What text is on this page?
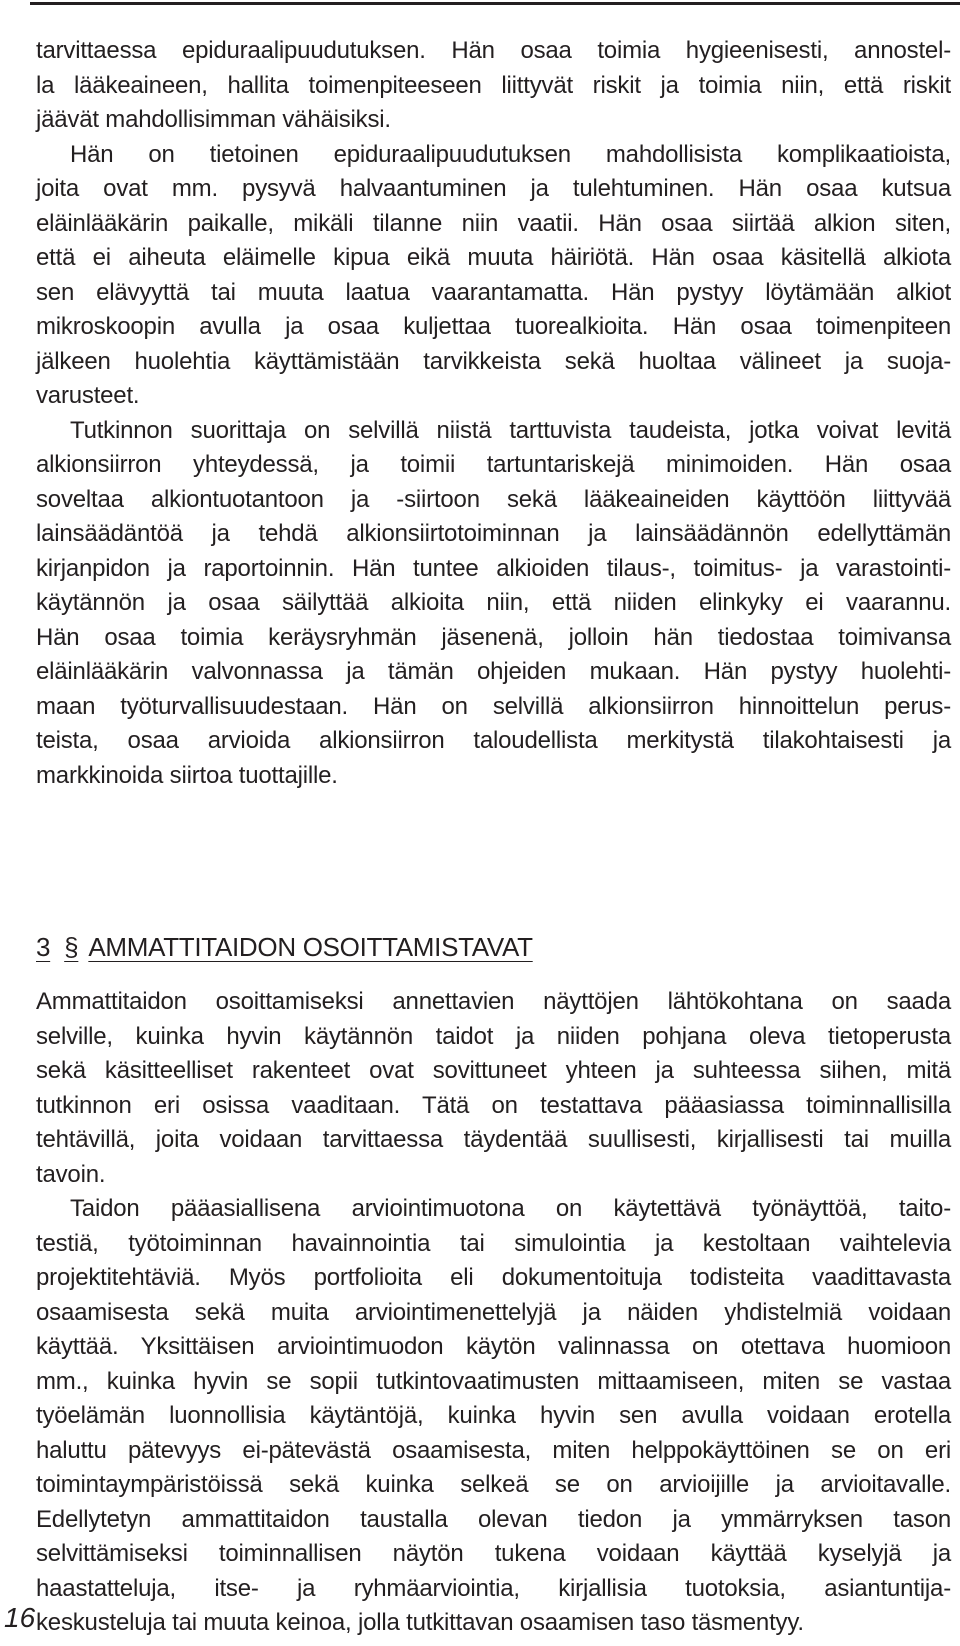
tarvittaessa epiduraalipuudutuksen. Hän osaa toimia hygieenisesti, annostel-
la lääkeaineen, hallita toimenpiteeseen liittyvät riskit ja toimia niin, että riskit
jäävät mahdollisimman vähäisiksi.
Hän on tietoinen epiduraalipuudutuksen mahdollisista komplikaatioista,
joita ovat mm. pysyvä halvaantuminen ja tulehtuminen. Hän osaa kutsua
eläinlääkärin paikalle, mikäli tilanne niin vaatii. Hän osaa siirtää alkion siten,
että ei aiheuta eläimelle kipua eikä muuta häiriötä. Hän osaa käsitellä alkiota
sen elävyyttä tai muuta laatua vaarantamatta. Hän pystyy löytämään alkiot
mikroskoopin avulla ja osaa kuljettaa tuorealkioita. Hän osaa toimenpiteen
jälkeen huolehtia käyttämistään tarvikkeista sekä huoltaa välineet ja suoja-
varusteet.
Tutkinnon suorittaja on selvillä niistä tarttuvista taudeista, jotka voivat levitä
alkionsiirron yhteydessä, ja toimii tartuntariskejä minimoiden. Hän osaa
soveltaa alkiontuotantoon ja -siirtoon sekä lääkeaineiden käyttöön liittyvää
lainsäädäntöä ja tehdä alkionsiirtotoiminnan ja lainsäädännön edellyttämän
kirjanpidon ja raportoinnin. Hän tuntee alkioiden tilaus-, toimitus- ja varastointi-
käytännön ja osaa säilyttää alkioita niin, että niiden elinkyky ei vaarannu.
Hän osaa toimia keräysryhmän jäsenenä, jolloin hän tiedostaa toimivansa
eläinlääkärin valvonnassa ja tämän ohjeiden mukaan. Hän pystyy huolehti-
maan työturvallisuudestaan. Hän on selvillä alkionsiirron hinnoittelun perus-
teista, osaa arvioida alkionsiirron taloudellista merkitystä tilakohtaisesti ja
markkinoida siirtoa tuottajille.
3 § AMMATTITAIDON OSOITTAMISTAVAT
Ammattitaidon osoittamiseksi annettavien näyttöjen lähtökohtana on saada
selville, kuinka hyvin käytännön taidot ja niiden pohjana oleva tietoperusta
sekä käsitteelliset rakenteet ovat sovittuneet yhteen ja suhteessa siihen, mitä
tutkinnon eri osissa vaaditaan. Tätä on testattava pääasiassa toiminnallisilla
tehtävillä, joita voidaan tarvittaessa täydentää suullisesti, kirjallisesti tai muilla
tavoin.
Taidon pääasiallisena arviointimuotona on käytettävä työnäyttöä, taito-
testiä, työtoiminnan havainnointia tai simulointia ja kestoltaan vaihtelevia
projektitehtäviä. Myös portfolioita eli dokumentoituja todisteita vaadittavasta
osaamisesta sekä muita arviointimenettelyjä ja näiden yhdistelmiä voidaan
käyttää. Yksittäisen arviointimuodon käytön valinnassa on otettava huomioon
mm., kuinka hyvin se sopii tutkintovaatimusten mittaamiseen, miten se vastaa
työelämän luonnollisia käytäntöjä, kuinka hyvin sen avulla voidaan erotella
haluttu pätevyys ei-pätevästä osaamisesta, miten helppokäyttöinen se on eri
toimintaympäristöissä sekä kuinka selkeä se on arvioijille ja arvioitavalle.
Edellytetyn ammattitaidon taustalla olevan tiedon ja ymmärryksen tason
selvittämiseksi toiminnallisen näytön tukena voidaan käyttää kyselyjä ja
haastatteluja, itse- ja ryhmäarviointia, kirjallisia tuotoksia, asiantuntija-
keskusteluja tai muuta keinoa, jolla tutkittavan osaamisen taso täsmentyy.
16
